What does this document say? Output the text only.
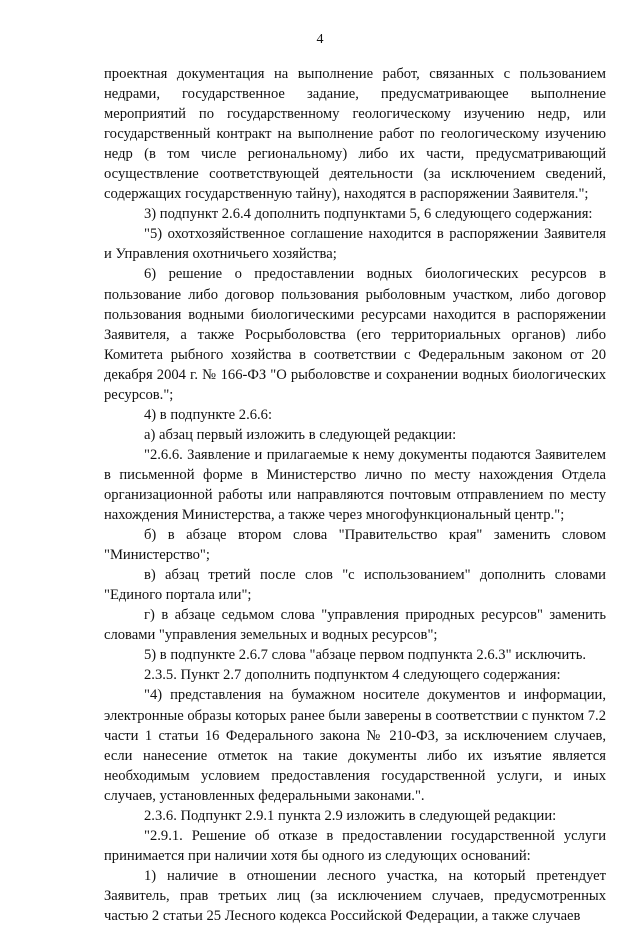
4

проектная документация на выполнение работ, связанных с пользованием недрами, государственное задание, предусматривающее выполнение мероприятий по государственному геологическому изучению недр, или государственный контракт на выполнение работ по геологическому изучению недр (в том числе региональному) либо их части, предусматривающий осуществление соответствующей деятельности (за исключением сведений, содержащих государственную тайну), находятся в распоряжении Заявителя.";

3) подпункт 2.6.4 дополнить подпунктами 5, 6 следующего содержания:

"5) охотхозяйственное соглашение находится в распоряжении Заявителя и Управления охотничьего хозяйства;

6) решение о предоставлении водных биологических ресурсов в пользование либо договор пользования рыболовным участком, либо договор пользования водными биологическими ресурсами находится в распоряжении Заявителя, а также Росрыболовства (его территориальных органов) либо Комитета рыбного хозяйства в соответствии с Федеральным законом от 20 декабря 2004 г. № 166-ФЗ "О рыболовстве и сохранении водных биологических ресурсов.";

4) в подпункте 2.6.6:

а) абзац первый изложить в следующей редакции:

"2.6.6. Заявление и прилагаемые к нему документы подаются Заявителем в письменной форме в Министерство лично по месту нахождения Отдела организационной работы или направляются почтовым отправлением по месту нахождения Министерства, а также через многофункциональный центр.";

б) в абзаце втором слова "Правительство края" заменить словом "Министерство";

в) абзац третий после слов "с использованием" дополнить словами "Единого портала или";

г) в абзаце седьмом слова "управления природных ресурсов" заменить словами "управления земельных и водных ресурсов";

5) в подпункте 2.6.7 слова "абзаце первом подпункта 2.6.3" исключить.

2.3.5. Пункт 2.7 дополнить подпунктом 4 следующего содержания:

"4) представления на бумажном носителе документов и информации, электронные образы которых ранее были заверены в соответствии с пунктом 7.2 части 1 статьи 16 Федерального закона № 210-ФЗ, за исключением случаев, если нанесение отметок на такие документы либо их изъятие является необходимым условием предоставления государственной услуги, и иных случаев, установленных федеральными законами.".

2.3.6. Подпункт 2.9.1 пункта 2.9 изложить в следующей редакции:

"2.9.1. Решение об отказе в предоставлении государственной услуги принимается при наличии хотя бы одного из следующих оснований:

1) наличие в отношении лесного участка, на который претендует Заявитель, прав третьих лиц (за исключением случаев, предусмотренных частью 2 статьи 25 Лесного кодекса Российской Федерации, а также случаев
